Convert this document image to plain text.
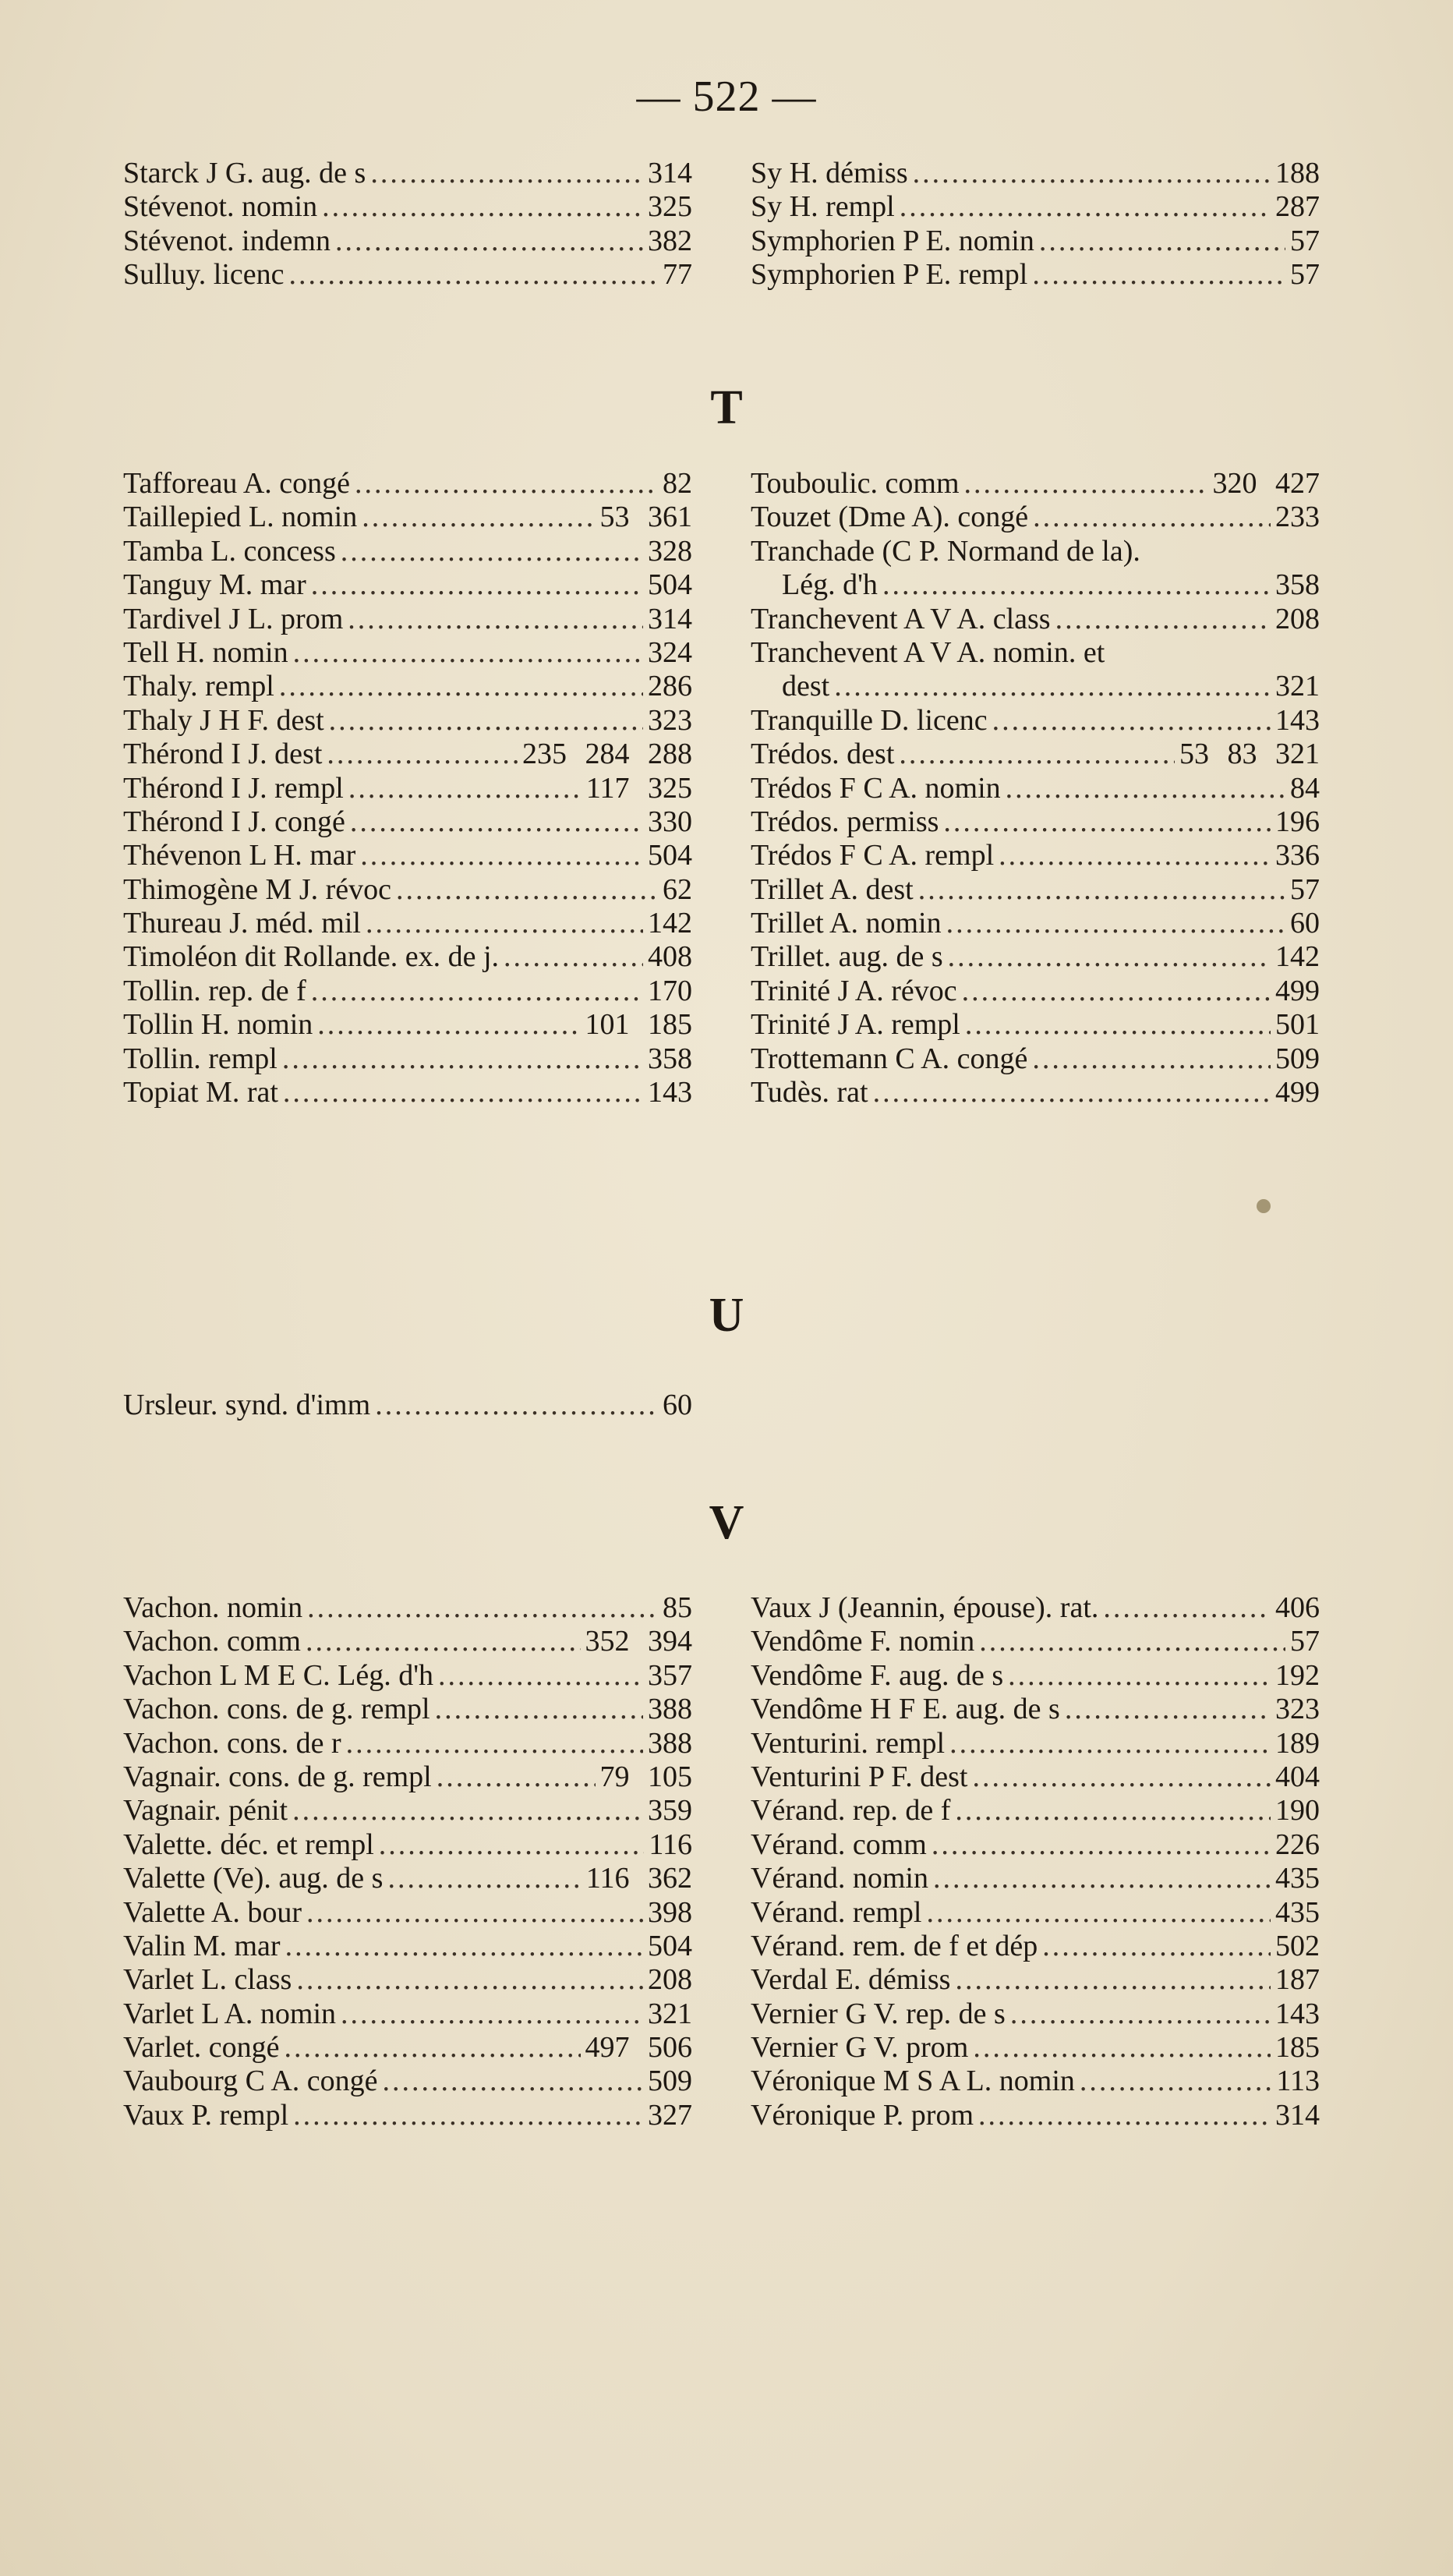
— 522 —
Starck J G. aug. de s .....	314
Stévenot. nomin .....	325
Stévenot. indemn .....	382
Sulluy. licenc .....	77
Sy H. démiss .....	188
Sy H. rempl .....	287
Symphorien P E. nomin .....	57
Symphorien P E. rempl .....	57
T
Tafforeau A. congé .....	82
Taillepied L. nomin .....	53 361
Tamba L. concess .....	328
Tanguy M. mar .....	504
Tardivel J L. prom .....	314
Tell H. nomin .....	324
Thaly. rempl .....	286
Thaly J H F. dest .....	323
Thérond I J. dest .....	235 284 288
Thérond I J. rempl .....	117 325
Thérond I J. congé .....	330
Thévenon L H. mar .....	504
Thimogène M J. révoc .....	62
Thureau J. méd. mil .....	142
Timoléon dit Rollande. ex. de j. .....	408
Tollin. rep. de f .....	170
Tollin H. nomin .....	101 185
Tollin. rempl .....	358
Topiat M. rat .....	143
Touboulic. comm .....	320 427
Touzet (Dme A). congé .....	233
Tranchade (C P. Normand de la).
Lég. d'h .....	358
Tranchevent A V A. class .....	208
Tranchevent A V A. nomin. et
dest .....	321
Tranquille D. licenc .....	143
Trédos. dest .....	53 83 321
Trédos F C A. nomin .....	84
Trédos. permiss .....	196
Trédos F C A. rempl .....	336
Trillet A. dest .....	57
Trillet A. nomin .....	60
Trillet. aug. de s .....	142
Trinité J A. révoc .....	499
Trinité J A. rempl .....	501
Trottemann C A. congé .....	509
Tudès. rat .....	499
U
Ursleur. synd. d'imm .....	60
V
Vachon. nomin .....	85
Vachon. comm .....	352 394
Vachon L M E C. Lég. d'h .....	357
Vachon. cons. de g. rempl .....	388
Vachon. cons. de r .....	388
Vagnair. cons. de g. rempl .....	79 105
Vagnair. pénit .....	359
Valette. déc. et rempl .....	116
Valette (Ve). aug. de s .....	116 362
Valette A. bour .....	398
Valin M. mar .....	504
Varlet L. class .....	208
Varlet L A. nomin .....	321
Varlet. congé .....	497 506
Vaubourg C A. congé .....	509
Vaux P. rempl .....	327
Vaux J (Jeannin, épouse). rat. .....	406
Vendôme F. nomin .....	57
Vendôme F. aug. de s .....	192
Vendôme H F E. aug. de s .....	323
Venturini. rempl .....	189
Venturini P F. dest .....	404
Vérand. rep. de f .....	190
Vérand. comm .....	226
Vérand. nomin .....	435
Vérand. rempl .....	435
Vérand. rem. de f et dép .....	502
Verdal E. démiss .....	187
Vernier G V. rep. de s .....	143
Vernier G V. prom .....	185
Véronique M S A L. nomin .....	113
Véronique P. prom .....	314
